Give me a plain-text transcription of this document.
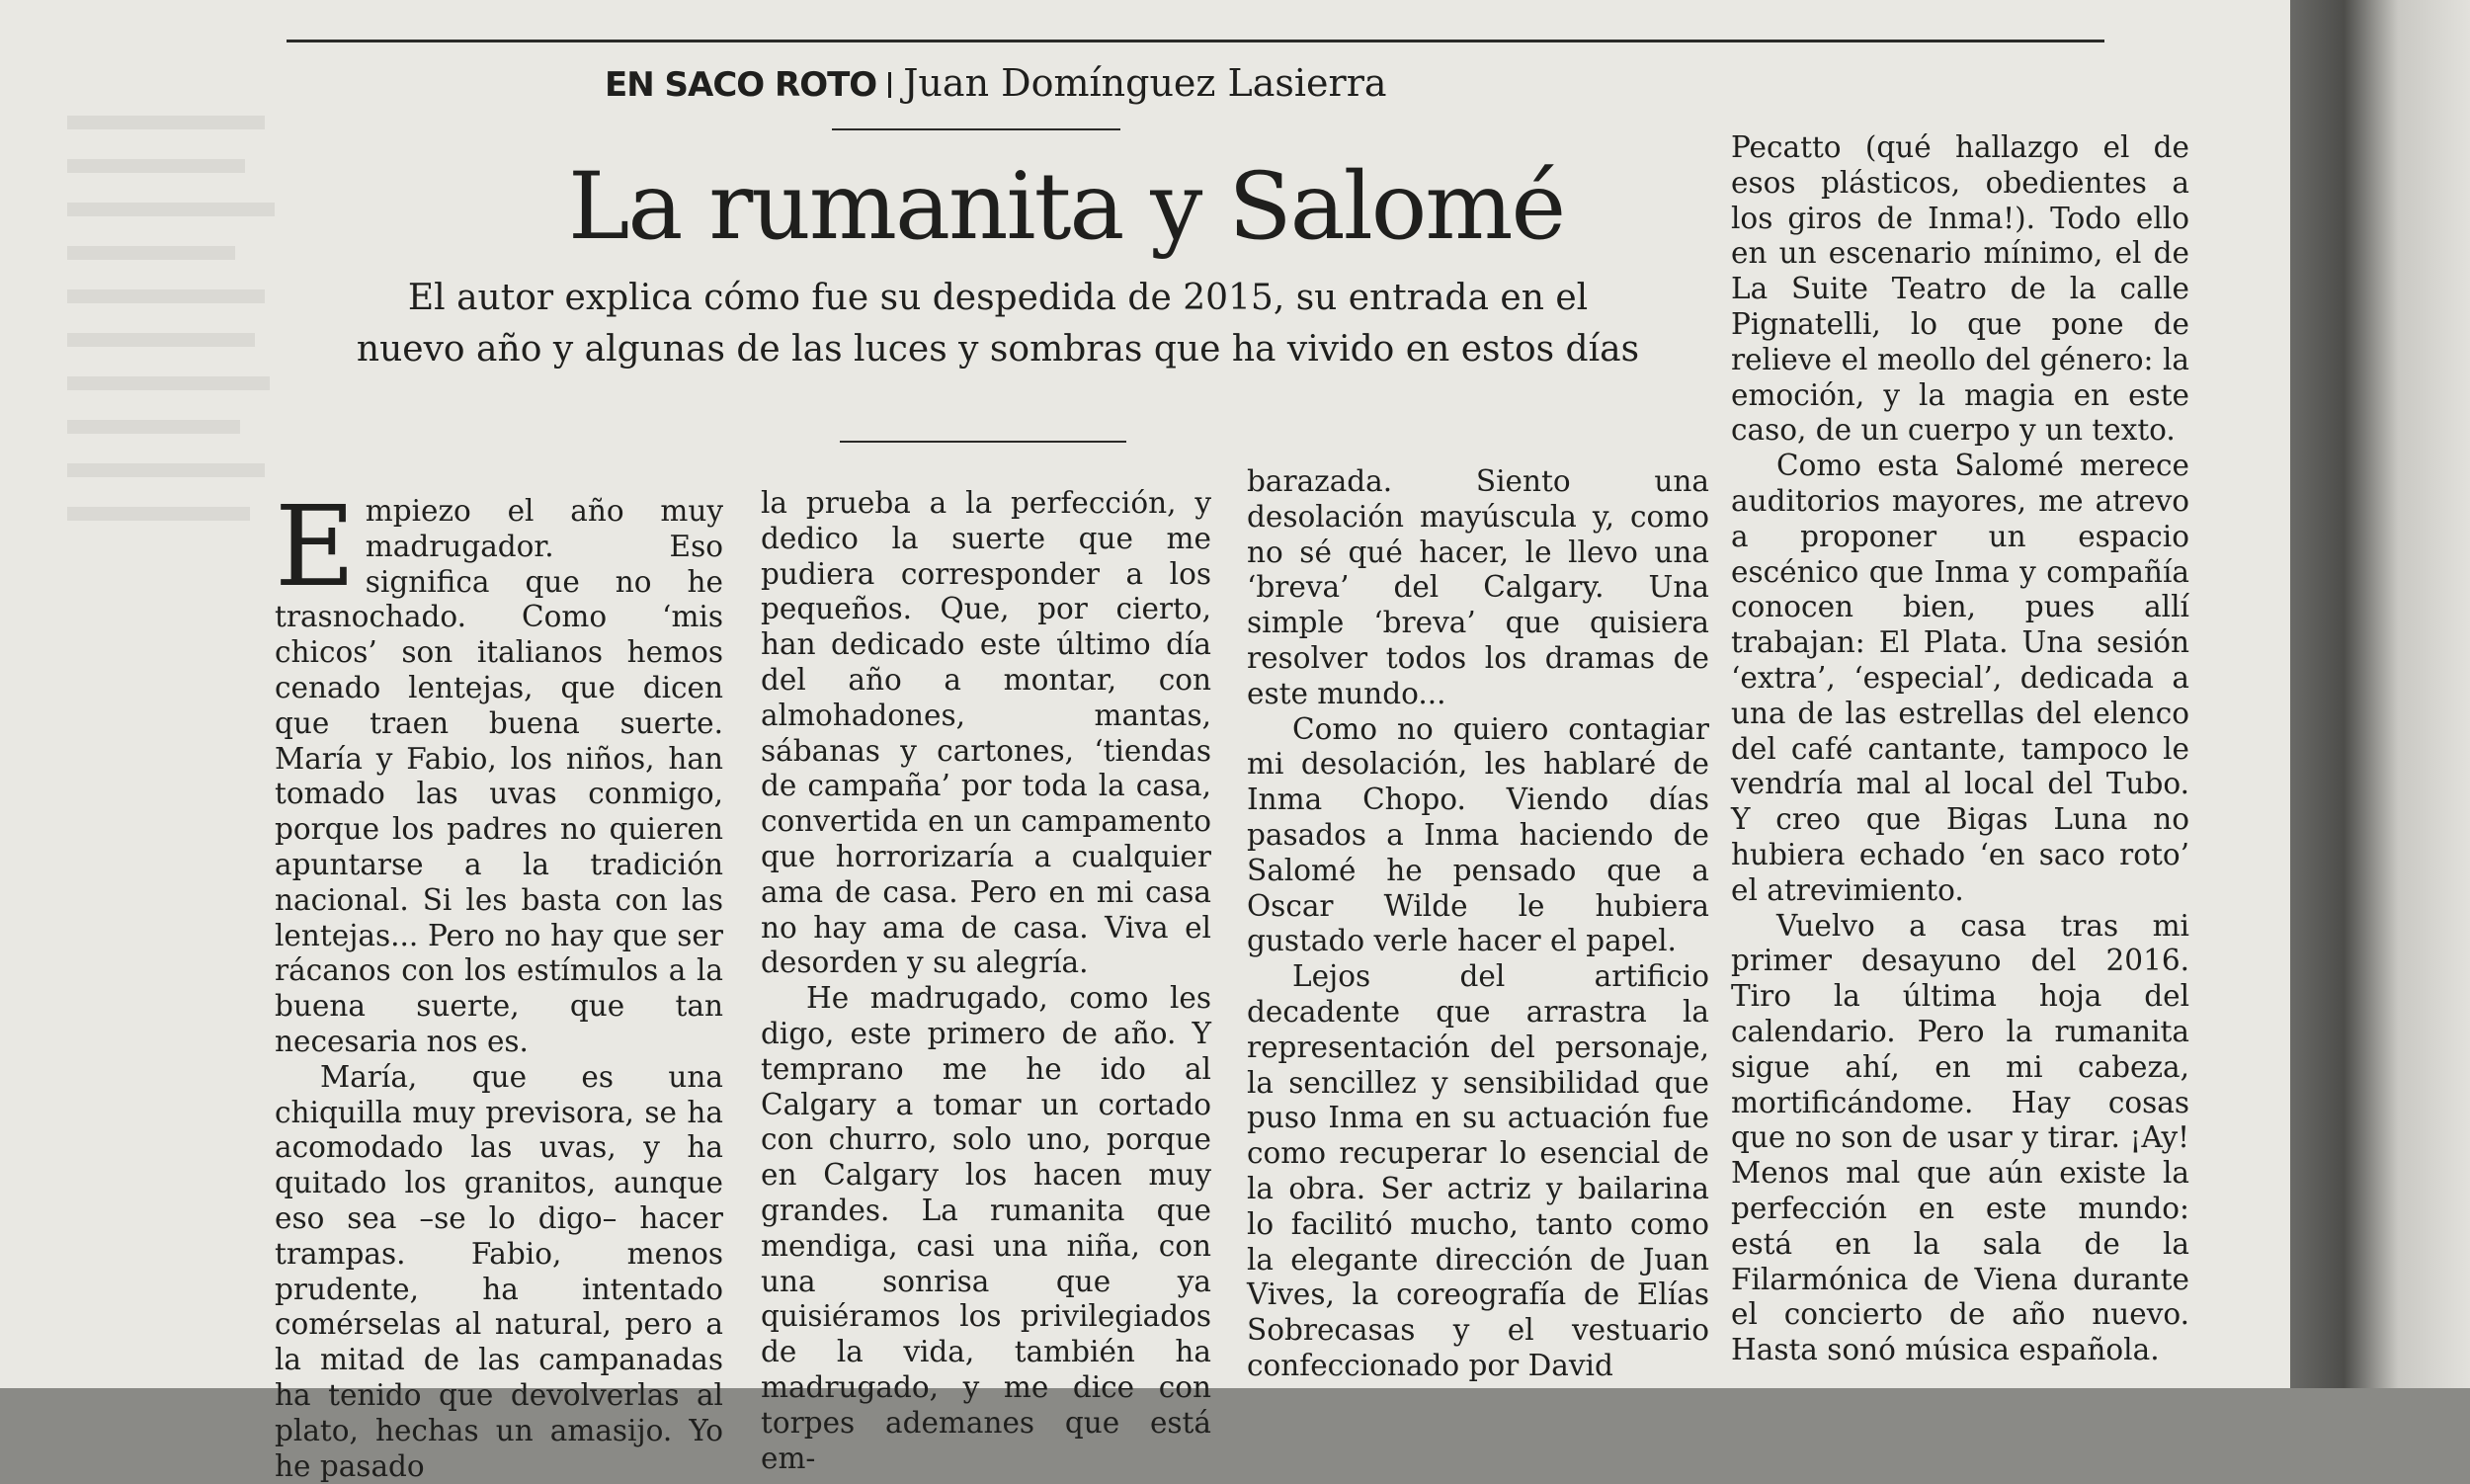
EN SACO ROTO Juan Domínguez Lasierra
La rumanita y Salomé
El autor explica cómo fue su despedida de 2015, su entrada en el nuevo año y algunas de las luces y sombras que ha vivido en estos días

Empiezo el año muy madrugador. Eso significa que no he trasnochado. Como ‘mis chicos’ son italianos hemos cenado lentejas, que dicen que traen buena suerte. María y Fabio, los niños, han tomado las uvas conmigo, porque los padres no quieren apuntarse a la tradición nacional. Si les basta con las lentejas... Pero no hay que ser rácanos con los estímulos a la buena suerte, que tan necesaria nos es.

María, que es una chiquilla muy previsora, se ha acomodado las uvas, y ha quitado los granitos, aunque eso sea –se lo digo– hacer trampas. Fabio, menos prudente, ha intentado comérselas al natural, pero a la mitad de las campanadas ha tenido que devolverlas al plato, hechas un amasijo. Yo he pasado

la prueba a la perfección, y dedico la suerte que me pudiera corresponder a los pequeños. Que, por cierto, han dedicado este último día del año a montar, con almohadones, mantas, sábanas y cartones, ‘tiendas de campaña’ por toda la casa, convertida en un campamento que horrorizaría a cualquier ama de casa. Pero en mi casa no hay ama de casa. Viva el desorden y su alegría.

He madrugado, como les digo, este primero de año. Y temprano me he ido al Calgary a tomar un cortado con churro, solo uno, porque en Calgary los hacen muy grandes. La rumanita que mendiga, casi una niña, con una sonrisa que ya quisiéramos los privilegiados de la vida, también ha madrugado, y me dice con torpes ademanes que está em-

barazada. Siento una desolación mayúscula y, como no sé qué hacer, le llevo una ‘breva’ del Calgary. Una simple ‘breva’ que quisiera resolver todos los dramas de este mundo...

Como no quiero contagiar mi desolación, les hablaré de Inma Chopo. Viendo días pasados a Inma haciendo de Salomé he pensado que a Oscar Wilde le hubiera gustado verle hacer el papel.

Lejos del artificio decadente que arrastra la representación del personaje, la sencillez y sensibilidad que puso Inma en su actuación fue como recuperar lo esencial de la obra. Ser actriz y bailarina lo facilitó mucho, tanto como la elegante dirección de Juan Vives, la coreografía de Elías Sobrecasas y el vestuario confeccionado por David

Pecatto (qué hallazgo el de esos plásticos, obedientes a los giros de Inma!). Todo ello en un escenario mínimo, el de La Suite Teatro de la calle Pignatelli, lo que pone de relieve el meollo del género: la emoción, y la magia en este caso, de un cuerpo y un texto.

Como esta Salomé merece auditorios mayores, me atrevo a proponer un espacio escénico que Inma y compañía conocen bien, pues allí trabajan: El Plata. Una sesión ‘extra’, ‘especial’, dedicada a una de las estrellas del elenco del café cantante, tampoco le vendría mal al local del Tubo. Y creo que Bigas Luna no hubiera echado ‘en saco roto’ el atrevimiento.

Vuelvo a casa tras mi primer desayuno del 2016. Tiro la última hoja del calendario. Pero la rumanita sigue ahí, en mi cabeza, mortificándome. Hay cosas que no son de usar y tirar. ¡Ay! Menos mal que aún existe la perfección en este mundo: está en la sala de la Filarmónica de Viena durante el concierto de año nuevo. Hasta sonó música española.
